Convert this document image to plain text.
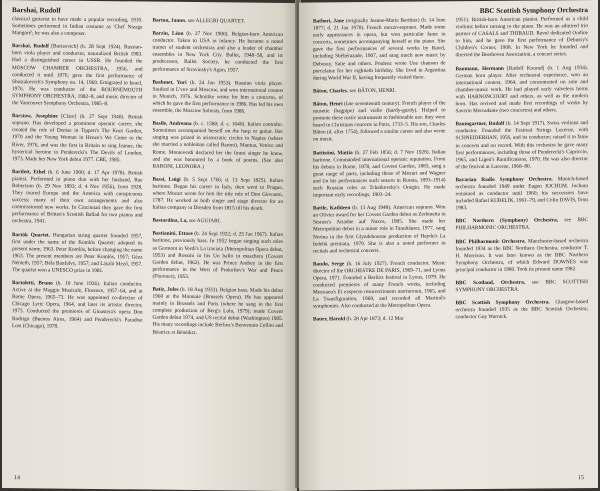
Barshai, Rudolf

classical guitarist to have made a popular recording, 1910. Sometimes performed in Indian costume as 'Chef Nizaga Mangoré'; he was also a composer.

Barshai, Rudolf [Borisovich] (b. 28 Sept 1924). Russian-born viola player and conductor, naturalized British 1983. Had a distinguished career in USSR. He founded the MOSCOW CHAMBER ORCHESTRA, 1956, and conducted it until 1976; gave the first performance of Shostakovich's Symphony no. 14, 1969. Emigrated to Israel, 1976. He was conductor of the BOURNEMOUTH SYMPHONY ORCHESTRA, 1982–8, and music director of the Vancouver Symphony Orchestra, 1985–8.

Barstow, Josephine [Clare] (b. 27 Sept 1940). British soprano. Has developed a prominent operatic career; she created the role of Denise in Tippett's The Knot Garden, 1970 and the Young Woman in Henze's We Come to the River, 1976, and was the first in Britain to sing Jeanne, the hysterical heroine in Penderecki's The Devils of Loudun, 1973. Made her New York debut 1977. CBE, 1985.

Bartlett, Ethel (b. 6 June 1900; d. 17 Apr 1978). British pianist. Performed in piano duo with her husband, Rae Robertson (b. 29 Nov 1893; d. 4 Nov 1956), from 1928. They toured Europe and the America with conspicuous success; many of their own arrangements and also commissioned new works. In Cincinnati they gave the first performance of Britten's Scottish Ballad for two pianos and orchestra, 1941.

Bartók Quartet. Hungarian string quartet founded 1957, first under the name of the Komlós Quartet; adopted its present name, 1963. Peter Komlós, before changing the name 1963. The present members are Peter Komlós, 1957; Géza Németh, 1957; Béla Banfalvy, 1957; and László Mező, 1957. The quartet won a UNESCO prize in 1981.

Bartoletti, Bruno (b. 10 June 1926). Italian conductor. Active at the Maggio Musicale, Florence, 1957–64, and at Rome Opera, 1965–73. He was appointed co-director of Chicago Lyric Opera, 1964, and later its artistic director, 1975. Conducted the premieres of Ginastera's opera Don Rodrigo (Buenos Aires, 1964) and Penderecki's Paradise Lost (Chicago), 1978.

Barton, James. see ALLEGRI QUARTET.

Barzin, Léon (b. 27 Nov 1900). Belgian-born American conductor. Taken to USA in infancy. He became a noted trainer of student orchestras and also a leader of chamber ensembles in New York City. Ballet, 1948–58, and its predecessor, Ballet Society, he conducted the first performance of Stravinsky's Agon, 1957.

Bashmet, Yuri (b. 24 Jan 1953). Russian viola player. Studied in L'vov and Moscow, and won international contest in Munich, 1976. Schnittke wrote for him a concerto, of which he gave the first performance in 1986. Has led his own ensemble, the Moscow Soloists, from 1986.

Basile, Andreana (b. c. 1580; d. c. 1640). Italian contralto. Sometimes accompanied herself on the harp or guitar. Her singing was prized in aristocratic circles in Naples (where she married a nobleman called Baroni), Mantua, Venice and Rome. Monteverdi declared her the finest singer he knew, and she was honoured by a book of poems. (See also BARONI, LEONORA.)

Bassi, Luigi (b. 5 Sept 1766; d. 13 Sept 1825). Italian baritone. Began his career in Italy, then went to Prague, where Mozart wrote for him the title role of Don Giovanni, 1787. He worked as both singer and stage director for an Italian company in Dresden from 1815 till his death.

Bastardina, La, see AGUJARI.

Bastianini, Ettore (b. 24 Sept 1922; d. 25 Jan 1967). Italian baritone, previously bass. In 1952 began singing such roles as Germont in Verdi's La traviata (Metropolitan Opera debut, 1953) and Rossini in his Un ballo in maschera (Covent Garden debut, 1962). He was Prince Andrey in the first performance in the West of Prokofiev's War and Peace (Florence), 1953.

Batiz, Jules (b. 18 Aug 1933). Belgian bass. Made his debut 1960 at the Monnaie (Brussels Opera). He has appeared mainly in Brussels and Paris (where he sang in the first complete production of Berg's Lulu, 1979); made Covent Garden debut 1974, and US recital debut (Washington) 1985. His many recordings include Berlioz's Benvenuto Cellini and Béatrice et Bénédict.

14
BBC Scottish Symphony Orchestra

Bathori, Jane (originally Jeanne-Marie Berthier) (b. 14 June 1877; d. 21 Jan 1970). French mezzo-soprano. Made some early appearances in opera, but won particular fame in concerts, sometimes accompanying herself at the piano. She gave the first performances of several works by Ravel, including Shéhérazade, 1907, and sang much new music by Debussy, Satie and others. Poulenc wrote Une chanson de porcelaine for her eightieth birthday. She lived in Argentina during World War II, having frequently visited there.

Bâton, Charles. see BÂTON, HENRI.

Bâton, Henri (late seventeenth century). French player of the musette (bagpipe) and vielle (hurdy-gurdy). Helped to promote these rustic instruments to fashionable use: they were heard in Christmas concerts in Paris, 1733–5. His son, Charles Bâton (d. after 1754), followed a similar career and also wrote on music.

Battistini, Mattia (b. 27 Feb 1856; d. 7 Nov 1928). Italian baritone. Commanded international operatic reputation. From his debuts in Rome, 1878, and Covent Garden, 1883, sang a great range of parts, including those of Mozart and Wagner and (in his performances such season in Russia, 1893–1914) such Russian roles as Tchaikovsky's Onegin. He made important early recordings, 1903–24.

Battle, Kathleen (b. 13 Aug 1948). American soprano. Won an Olivier award for her Covent Garden debut as Zerbinetta in Strauss's Ariadne auf Naxos, 1985. She made her Metropolitan debut in a minor role in Tannhäuser, 1977, sang Norina in the first Glyndebourne production of Haydn's La fedeltà premiata, 1979. She is also a noted performer in recitals and orchestral concerts.

Baudo, Serge (b. 16 July 1927). French conductor. Music director of the ORCHESTRE DE PARIS, 1969–71, and Lyons Opera, 1971. Founded a Berlioz festival in Lyons, 1979. He conducted premieres of many French works, including Messiaen's Et exspecto resurrectionem mortuorum, 1965, and La Transfiguration, 1969, and recorded all Martinů's symphonies. Also conducted at the Metropolitan Opera.

Bauer, Harold (b. 28 Apr 1873; d. 12 Mar

1951). British-born American pianist. Performed as a child violinist before turning to the piano. He was an admired trio partner of CASALS and THIBAUD. Ravel dedicated Ondine to him, and he gave the first performance of Debussy's Children's Corner, 1908. In New York he founded and directed the Beethoven Association, a concert series.

Baumann, Hermann [Rudolf Konrad] (b. 1 Aug 1934). German horn player. After orchestral experience, won an international contest, 1964, and concentrated on solo and chamber-music work. He had played early valveless horns with HARNONCOURT and others, as well as the modern horn. Has revived and made first recordings of works by Saverio Mercadante (two concertos) and others.

Baumgartner, Rudolf (b. 14 Sept 1917). Swiss violinist and conductor. Founded the Festival Strings Lucerne, with SCHNEIDERHAN, 1956, and its conductor; raised it to fame in concerts and on record. With this orchestra he gave many first performances, including those of Penderecki's Capriccio, 1965, and Ligeti's Ramifications, 1970. He was also director of the festival at Lucerne, 1968–80.

Bavarian Radio Symphony Orchestra. Munich-based orchestra founded 1949 under Eugen JOCHUM. Jochum remained as conductor until 1960; his successors have included Rafael KUBELÍK, 1961–79, and Colin DAVIS, from 1983.

BBC Northern (Symphony) Orchestra, see BBC PHILHARMONIC ORCHESTRA.

BBC Philharmonic Orchestra. Manchester-based orchestra founded 1934 as the BBC Northern Orchestra, conductor T. H. Morrison. It was later known as the BBC Northern Symphony Orchestra, of which Edward DOWNES was principal conductor in 1980. Took its present name 1982.

BBC Scotland, Orchestra, see BBC SCOTTISH SYMPHONY ORCHESTRA.

BBC Scottish Symphony Orchestra. Glasgow-based orchestra founded 1935 as the BBC Scottish Orchestra; conductor Guy Warrack.

15
